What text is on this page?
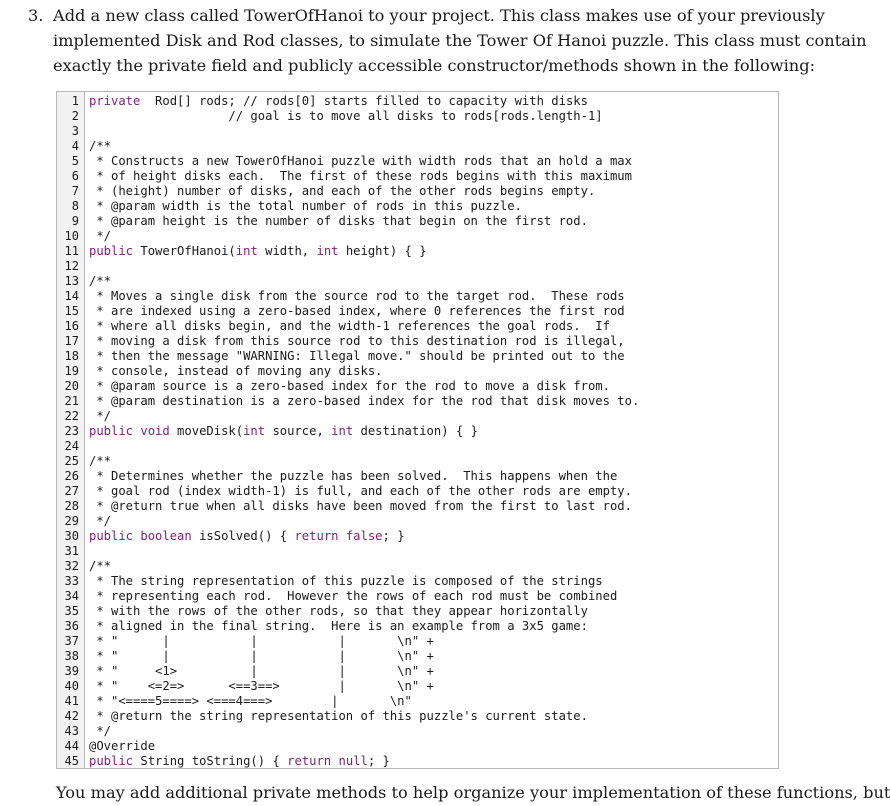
3. Add a new class called TowerOfHanoi to your project. This class makes use of your previously
implemented Disk and Rod classes, to simulate the Tower Of Hanoi puzzle. This class must contain
exactly the private field and publicly accessible constructor/methods shown in the following:
1 private  Rod[] rods; // rods[0] starts filled to capacity with disks
2 // goal is to move all disks to rods[rods.length-1]
3
4 /**
5 * Constructs a new TowerOfHanoi puzzle with width rods that an hold a max
6 * of height disks each.  The first of these rods begins with this maximum
7 * (height) number of disks, and each of the other rods begins empty.
8 * @param width is the total number of rods in this puzzle.
9 * @param height is the number of disks that begin on the first rod.
10 */
11 public TowerOfHanoi(int width, int height) { }
12
13 /**
14 * Moves a single disk from the source rod to the target rod.  These rods
15 * are indexed using a zero-based index, where 0 references the first rod
16 * where all disks begin, and the width-1 references the goal rods.  If
17 * moving a disk from this source rod to this destination rod is illegal,
18 * then the message "WARNING: Illegal move." should be printed out to the
19 * console, instead of moving any disks.
20 * @param source is a zero-based index for the rod to move a disk from.
21 * @param destination is a zero-based index for the rod that disk moves to.
22 */
23 public void moveDisk(int source, int destination) { }
24
25 /**
26 * Determines whether the puzzle has been solved.  This happens when the
27 * goal rod (index width-1) is full, and each of the other rods are empty.
28 * @return true when all disks have been moved from the first to last rod.
29 */
30 public boolean isSolved() { return false; }
31
32 /**
33 * The string representation of this puzzle is composed of the strings
34 * representing each rod.  However the rows of each rod must be combined
35 * with the rows of the other rods, so that they appear horizontally
36 * aligned in the final string.  Here is an example from a 3x5 game:
37 * "      |           |           |       \n" +
38 * "      |           |           |       \n" +
39 * "     <1>          |           |       \n" +
40 * "    <=2=>      <==3==>        |       \n" +
41 * "<====5====> <===4===>        |       \n"
42 * @return the string representation of this puzzle's current state.
43 */
44 @Override
45 public String toString() { return null; }
You may add additional private methods to help organize your implementation of these functions, but
